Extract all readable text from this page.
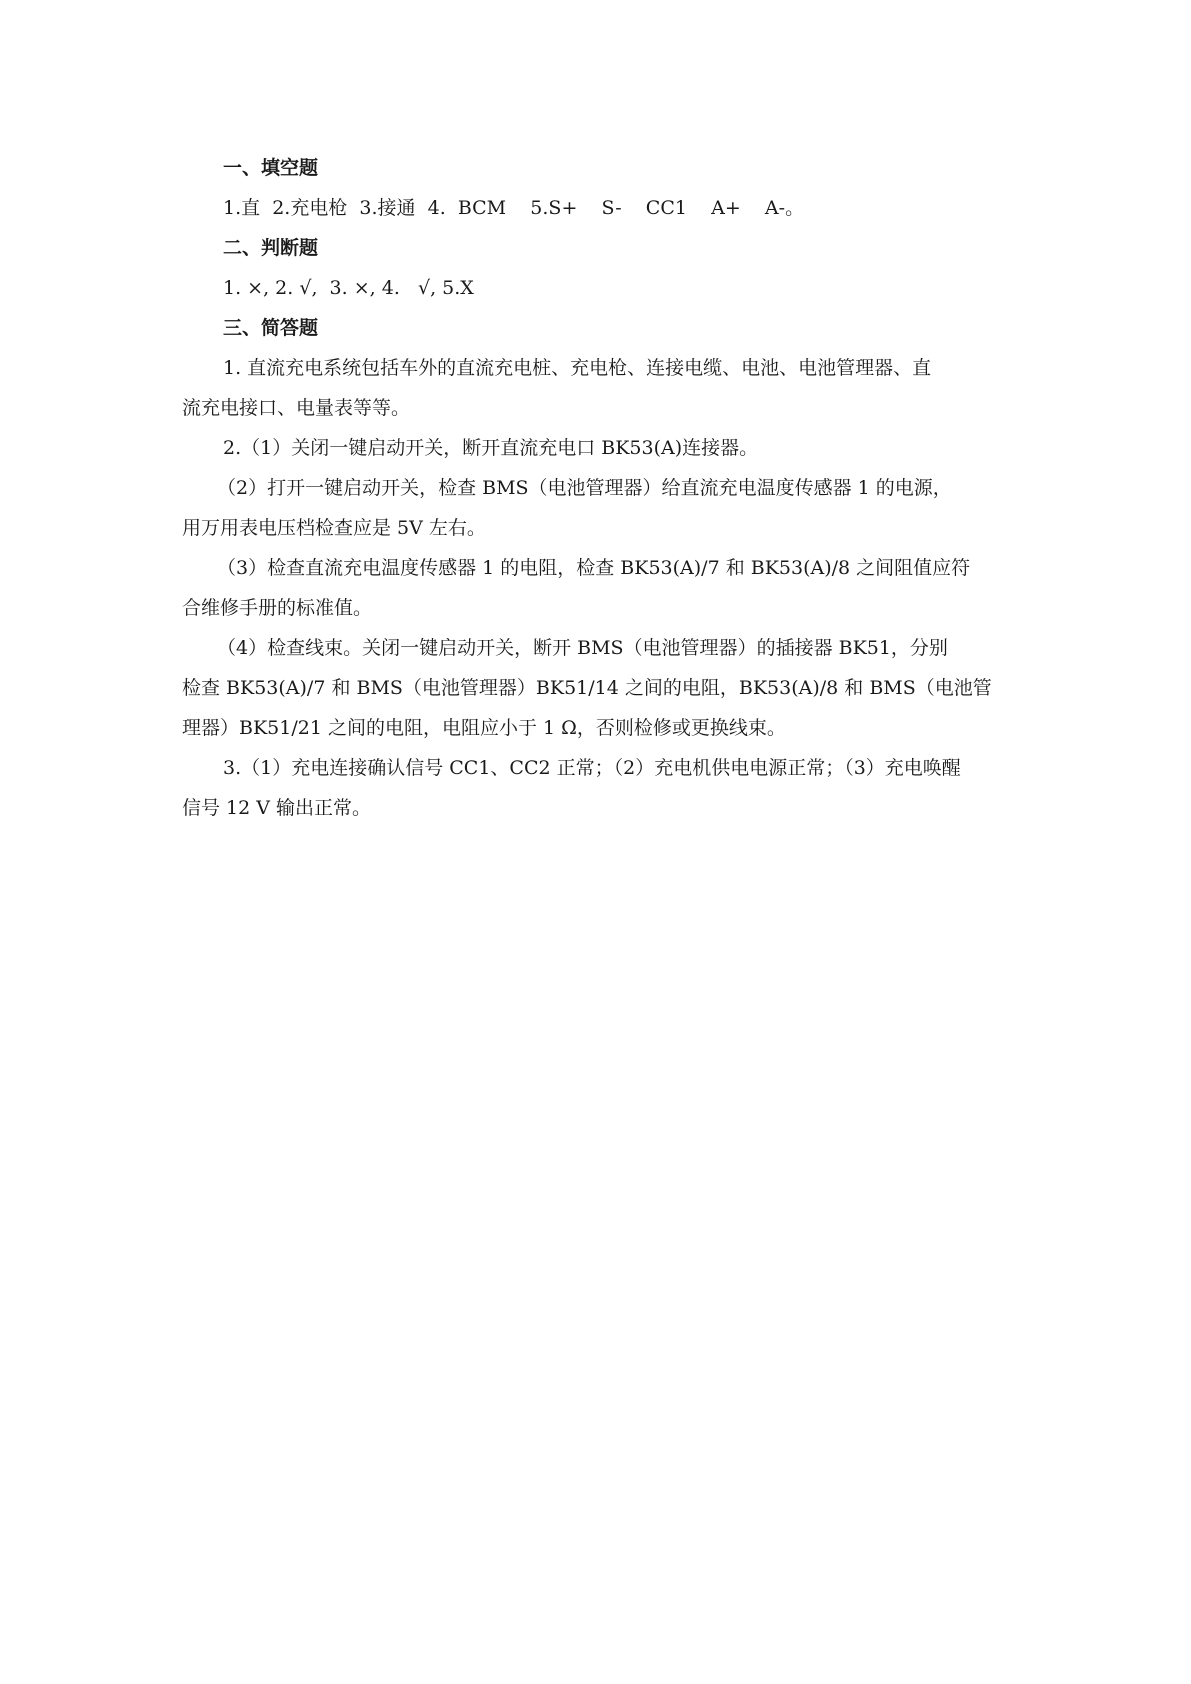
一、填空题
1.直  2.充电枪  3.接通  4.  BCM    5.S+    S-    CC1    A+    A-。
二、判断题
1. ×, 2. √,  3. ×, 4.   √, 5.X
三、简答题
1. 直流充电系统包括车外的直流充电桩、充电枪、连接电缆、电池、电池管理器、直
流充电接口、电量表等等。
2.（1）关闭一键启动开关，断开直流充电口 BK53(A)连接器。
（2）打开一键启动开关，检查 BMS（电池管理器）给直流充电温度传感器 1 的电源，
用万用表电压档检查应是 5V 左右。
（3）检查直流充电温度传感器 1 的电阻，检查 BK53(A)/7 和 BK53(A)/8 之间阻值应符
合维修手册的标准值。
（4）检查线束。关闭一键启动开关，断开 BMS（电池管理器）的插接器 BK51，分别
检查 BK53(A)/7 和 BMS（电池管理器）BK51/14 之间的电阻，BK53(A)/8 和 BMS（电池管
理器）BK51/21 之间的电阻，电阻应小于 1 Ω，否则检修或更换线束。
3.（1）充电连接确认信号 CC1、CC2 正常；（2）充电机供电电源正常；（3）充电唤醒
信号 12 V 输出正常。
